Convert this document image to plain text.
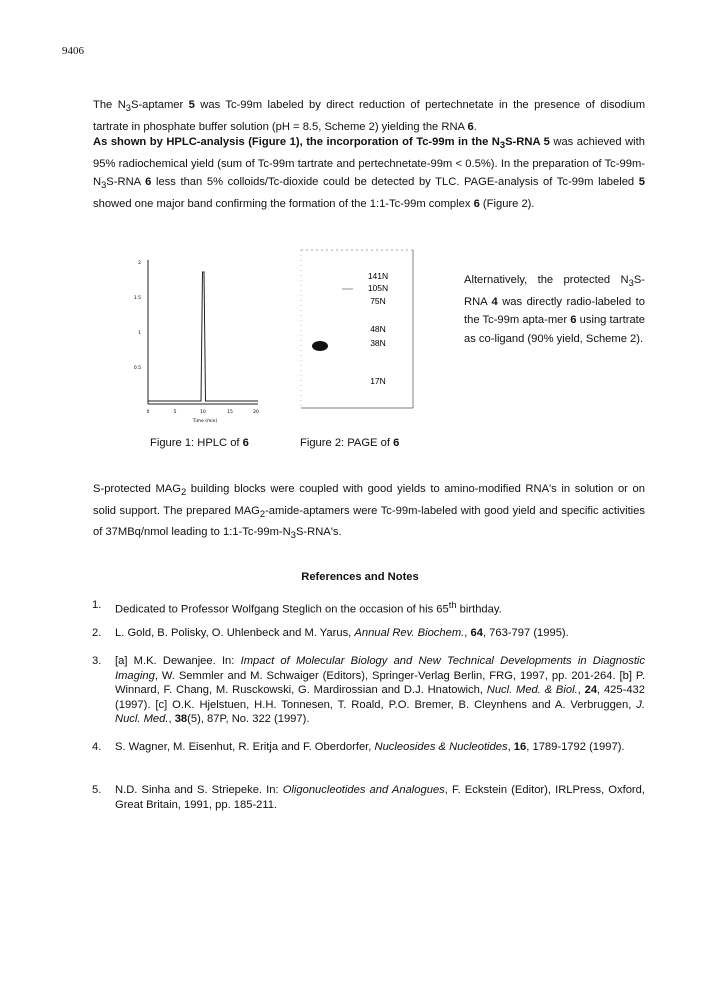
9406
The $N_3S$-aptamer 5 was Tc-99m labeled by direct reduction of pertechnetate in the presence of disodium tartrate in phosphate buffer solution (pH = 8.5, Scheme 2) yielding the RNA 6.
As shown by HPLC-analysis (Figure 1), the incorporation of Tc-99m in the $N_3S$-RNA 5 was achieved with 95% radiochemical yield (sum of Tc-99m tartrate and pertechnetate-99m < 0.5%). In the preparation of $Tc-99m-N_3S$-RNA 6 less than 5% colloids/Tc-dioxide could be detected by TLC. PAGE-analysis of Tc-99m labeled 5 showed one major band confirming the formation of the 1:1-Tc-99m complex 6 (Figure 2).
2
1.5
1
0.5
0	5	10	15	20
Time (min)
141N
105N
75N
48N
38N
17N
Alternatively, the protected $N_3S$-RNA 4 was directly radio-labeled to the Tc-99m apta-mer 6 using tartrate as co-ligand (90% yield, Scheme 2).
Figure 1: HPLC of 6	Figure 2: PAGE of 6
S-protected $MAG_2$ building blocks were coupled with good yields to amino-modified RNA's in solution or on solid support. The prepared $MAG_2-amide$-aptamers were Tc-99m-labeled with good yield and specific activities of 37MBq/nmol leading to $1:1-Tc-99m-N_3S-RNA's$.
References and Notes
1. Dedicated to Professor Wolfgang Steglich on the occasion of his 65th birthday.
2. L. Gold, B. Polisky, O. Uhlenbeck and M. Yarus, Annual Rev. Biochem., 64, 763-797 (1995).
3. [a] M.K. Dewanjee. In: Impact of Molecular Biology and New Technical Developments in Diagnostic Imaging, W. Semmler and M. Schwaiger (Editors), Springer-Verlag Berlin, FRG, 1997, pp. 201-264. [b] P. Winnard, F. Chang, M. Rusckowski, G. Mardirossian and D.J. Hnatowich, Nucl. Med. & Biol., 24, 425-432 (1997). [c] O.K. Hjelstuen, H.H. Tonnesen, T. Roald, P.O. Bremer, B. Cleynhens and A. Verbruggen, J. Nucl. Med., 38(5), 87P, No. 322 (1997).
4. S. Wagner, M. Eisenhut, R. Eritja and F. Oberdorfer, Nucleosides & Nucleotides, 16, 1789-1792 (1997).
5. N.D. Sinha and S. Striepeke. In: Oligonucleotides and Analogues, F. Eckstein (Editor), IRLPress, Oxford, Great Britain, 1991, pp. 185-211.
